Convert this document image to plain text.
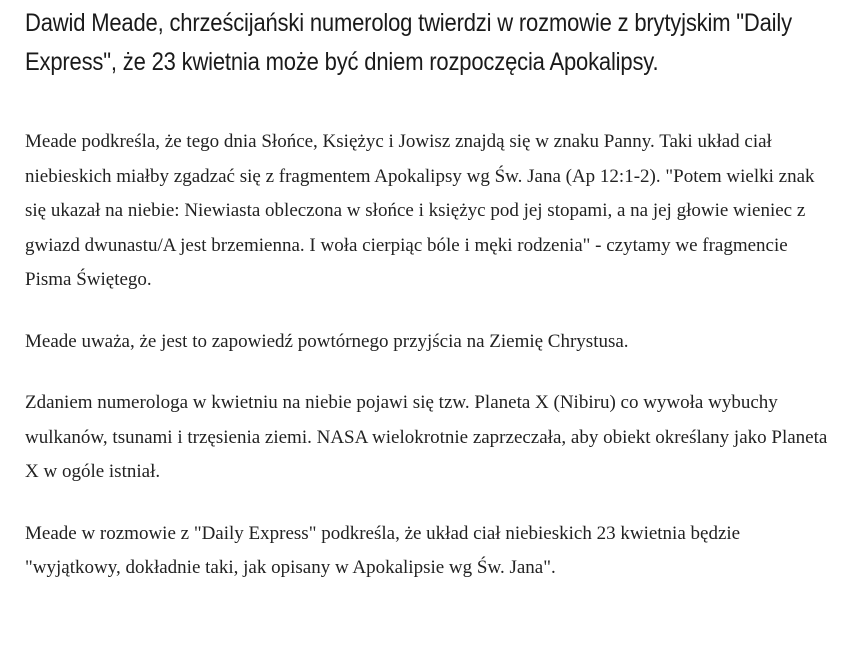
Dawid Meade, chrześcijański numerolog twierdzi w rozmowie z brytyjskim "Daily Express", że 23 kwietnia może być dniem rozpoczęcia Apokalipsy.

Meade podkreśla, że tego dnia Słońce, Księżyc i Jowisz znajdą się w znaku Panny. Taki układ ciał niebieskich miałby zgadzać się z fragmentem Apokalipsy wg Św. Jana (Ap 12:1-2). "Potem wielki znak się ukazał na niebie: Niewiasta obleczona w słońce i księżyc pod jej stopami, a na jej głowie wieniec z gwiazd dwunastu/A jest brzemienna. I woła cierpiąc bóle i męki rodzenia" - czytamy we fragmencie Pisma Świętego.

Meade uważa, że jest to zapowiedź powtórnego przyjścia na Ziemię Chrystusa.

Zdaniem numerologa w kwietniu na niebie pojawi się tzw. Planeta X (Nibiru) co wywoła wybuchy wulkanów, tsunami i trzęsienia ziemi. NASA wielokrotnie zaprzeczała, aby obiekt określany jako Planeta X w ogóle istniał.

Meade w rozmowie z "Daily Express" podkreśla, że układ ciał niebieskich 23 kwietnia będzie "wyjątkowy, dokładnie taki, jak opisany w Apokalipsie wg Św. Jana".
